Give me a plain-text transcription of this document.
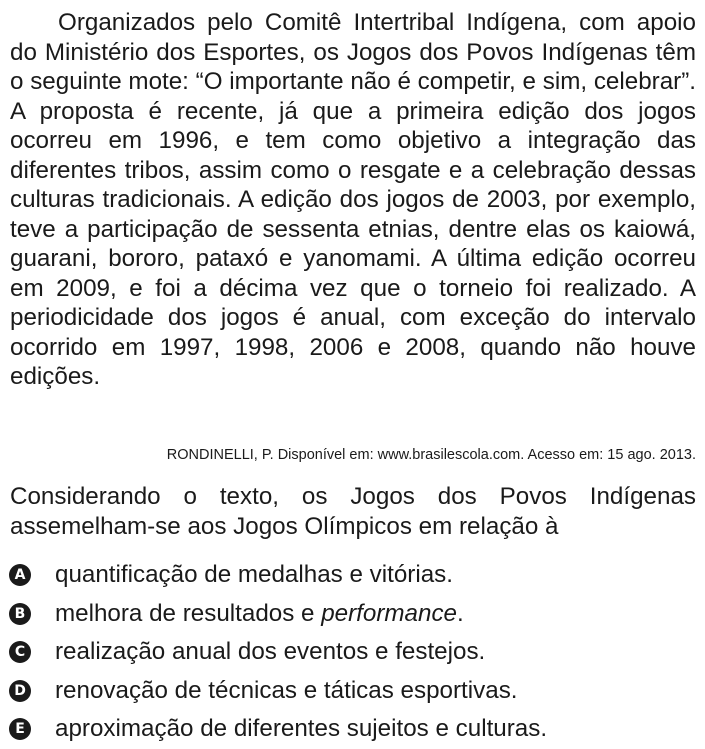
Organizados pelo Comitê Intertribal Indígena, com apoio do Ministério dos Esportes, os Jogos dos Povos Indígenas têm o seguinte mote: “O importante não é competir, e sim, celebrar”. A proposta é recente, já que a primeira edição dos jogos ocorreu em 1996, e tem como objetivo a integração das diferentes tribos, assim como o resgate e a celebração dessas culturas tradicionais. A edição dos jogos de 2003, por exemplo, teve a participação de sessenta etnias, dentre elas os kaiowá, guarani, bororo, pataxó e yanomami. A última edição ocorreu em 2009, e foi a décima vez que o torneio foi realizado. A periodicidade dos jogos é anual, com exceção do intervalo ocorrido em 1997, 1998, 2006 e 2008, quando não houve edições.

RONDINELLI, P. Disponível em: www.brasilescola.com. Acesso em: 15 ago. 2013.

Considerando o texto, os Jogos dos Povos Indígenas assemelham-se aos Jogos Olímpicos em relação à

A quantificação de medalhas e vitórias.
B melhora de resultados e performance.
C realização anual dos eventos e festejos.
D renovação de técnicas e táticas esportivas.
E aproximação de diferentes sujeitos e culturas.
